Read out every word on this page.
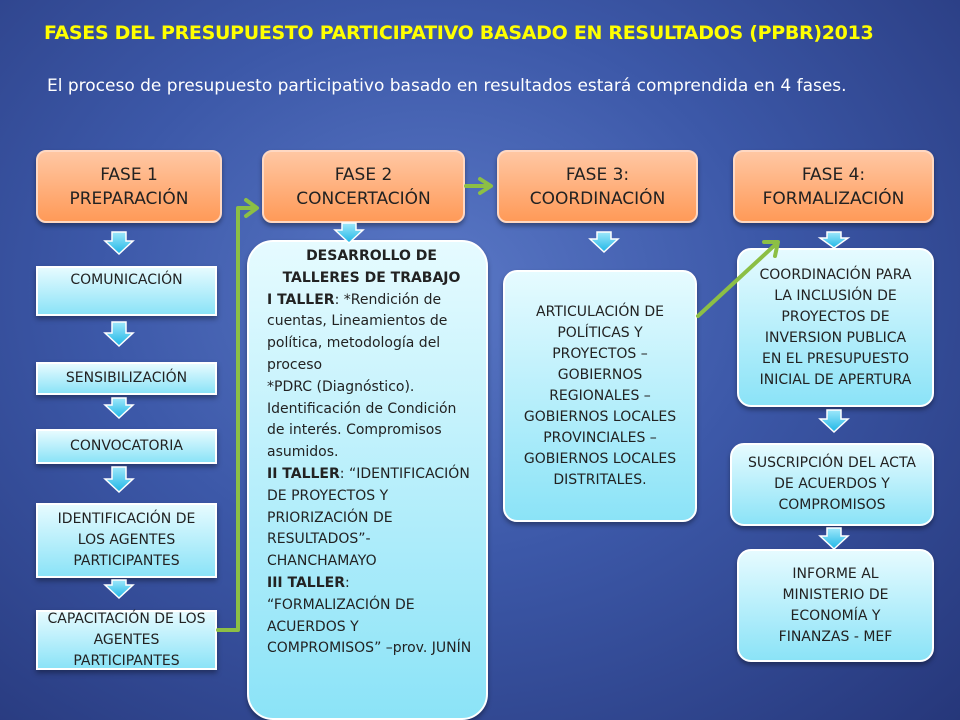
FASES DEL PRESUPUESTO PARTICIPATIVO BASADO EN RESULTADOS (PPBR)2013
El proceso de presupuesto participativo basado en resultados estará comprendida en 4 fases.
FASE 1
PREPARACIÓN
FASE 2
CONCERTACIÓN
FASE 3:
COORDINACIÓN
FASE 4:
FORMALIZACIÓN
COMUNICACIÓN
SENSIBILIZACIÓN
CONVOCATORIA
IDENTIFICACIÓN DE LOS AGENTES PARTICIPANTES
CAPACITACIÓN DE LOS AGENTES PARTICIPANTES
DESARROLLO DE TALLERES DE TRABAJO
I TALLER: *Rendición de cuentas, Lineamientos de política, metodología del proceso
*PDRC (Diagnóstico). Identificación de Condición de interés. Compromisos asumidos.
II TALLER: “IDENTIFICACIÓN DE PROYECTOS Y PRIORIZACIÓN DE RESULTADOS”- CHANCHAMAYO
III TALLER: “FORMALIZACIÓN DE ACUERDOS Y COMPROMISOS” –prov. JUNÍN
ARTICULACIÓN DE POLÍTICAS Y PROYECTOS – GOBIERNOS REGIONALES – GOBIERNOS LOCALES PROVINCIALES – GOBIERNOS LOCALES DISTRITALES.
COORDINACIÓN PARA LA INCLUSIÓN DE PROYECTOS DE INVERSION PUBLICA EN EL PRESUPUESTO INICIAL DE APERTURA
SUSCRIPCIÓN DEL ACTA DE ACUERDOS Y COMPROMISOS
INFORME AL MINISTERIO DE ECONOMÍA Y FINANZAS - MEF
